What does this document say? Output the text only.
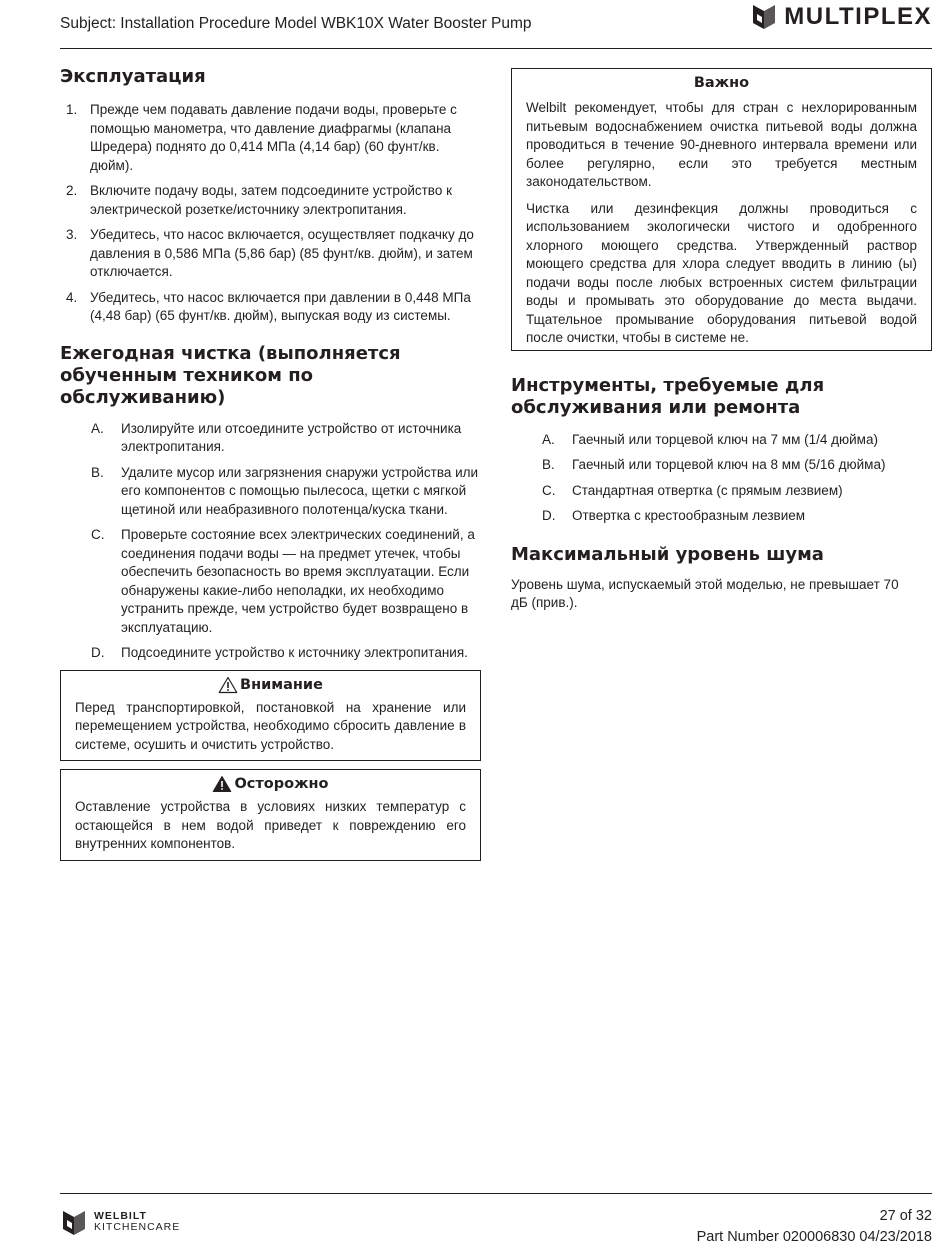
Subject: Installation Procedure Model WBK10X Water Booster Pump	MULTIPLEX
Эксплуатация
1. Прежде чем подавать давление подачи воды, проверьте с помощью манометра, что давление диафрагмы (клапана Шредера) поднято до 0,414 МПа (4,14 бар) (60 фунт/кв. дюйм).
2. Включите подачу воды, затем подсоедините устройство к электрической розетке/источнику электропитания.
3. Убедитесь, что насос включается, осуществляет подкачку до давления в 0,586 МПа (5,86 бар) (85 фунт/кв. дюйм), и затем отключается.
4. Убедитесь, что насос включается при давлении в 0,448 МПа (4,48 бар) (65 фунт/кв. дюйм), выпуская воду из системы.
Ежегодная чистка (выполняется обученным техником по обслуживанию)
A. Изолируйте или отсоедините устройство от источника электропитания.
B. Удалите мусор или загрязнения снаружи устройства или его компонентов с помощью пылесоса, щетки с мягкой щетиной или неабразивного полотенца/куска ткани.
C. Проверьте состояние всех электрических соединений, а соединения подачи воды — на предмет утечек, чтобы обеспечить безопасность во время эксплуатации. Если обнаружены какие-либо неполадки, их необходимо устранить прежде, чем устройство будет возвращено в эксплуатацию.
D. Подсоедините устройство к источнику электропитания.
Внимание

Перед транспортировкой, постановкой на хранение или перемещением устройства, необходимо сбросить давление в системе, осушить и очистить устройство.

Осторожно

Оставление устройства в условиях низких температур с остающейся в нем водой приведет к повреждению его внутренних компонентов.

Важно

Welbilt рекомендует, чтобы для стран с нехлорированным питьевым водоснабжением очистка питьевой воды должна проводиться в течение 90-дневного интервала времени или более регулярно, если это требуется местным законодательством.

Чистка или дезинфекция должны проводиться с использованием экологически чистого и одобренного хлорного моющего средства. Утвержденный раствор моющего средства для хлора следует вводить в линию (ы) подачи воды после любых встроенных систем фильтрации воды и промывать это оборудование до места выдачи. Тщательное промывание оборудования питьевой водой после очистки, чтобы в системе не.

Инструменты, требуемые для обслуживания или ремонта
A. Гаечный или торцевой ключ на 7 мм (1/4 дюйма)
B. Гаечный или торцевой ключ на 8 мм (5/16 дюйма)
C. Стандартная отвертка (с прямым лезвием)
D. Отвертка с крестообразным лезвием
Максимальный уровень шума

Уровень шума, испускаемый этой моделью, не превышает 70 дБ (прив.).

WELBILT
KITCHENCARE
27 of 32
Part Number 020006830 04/23/2018
